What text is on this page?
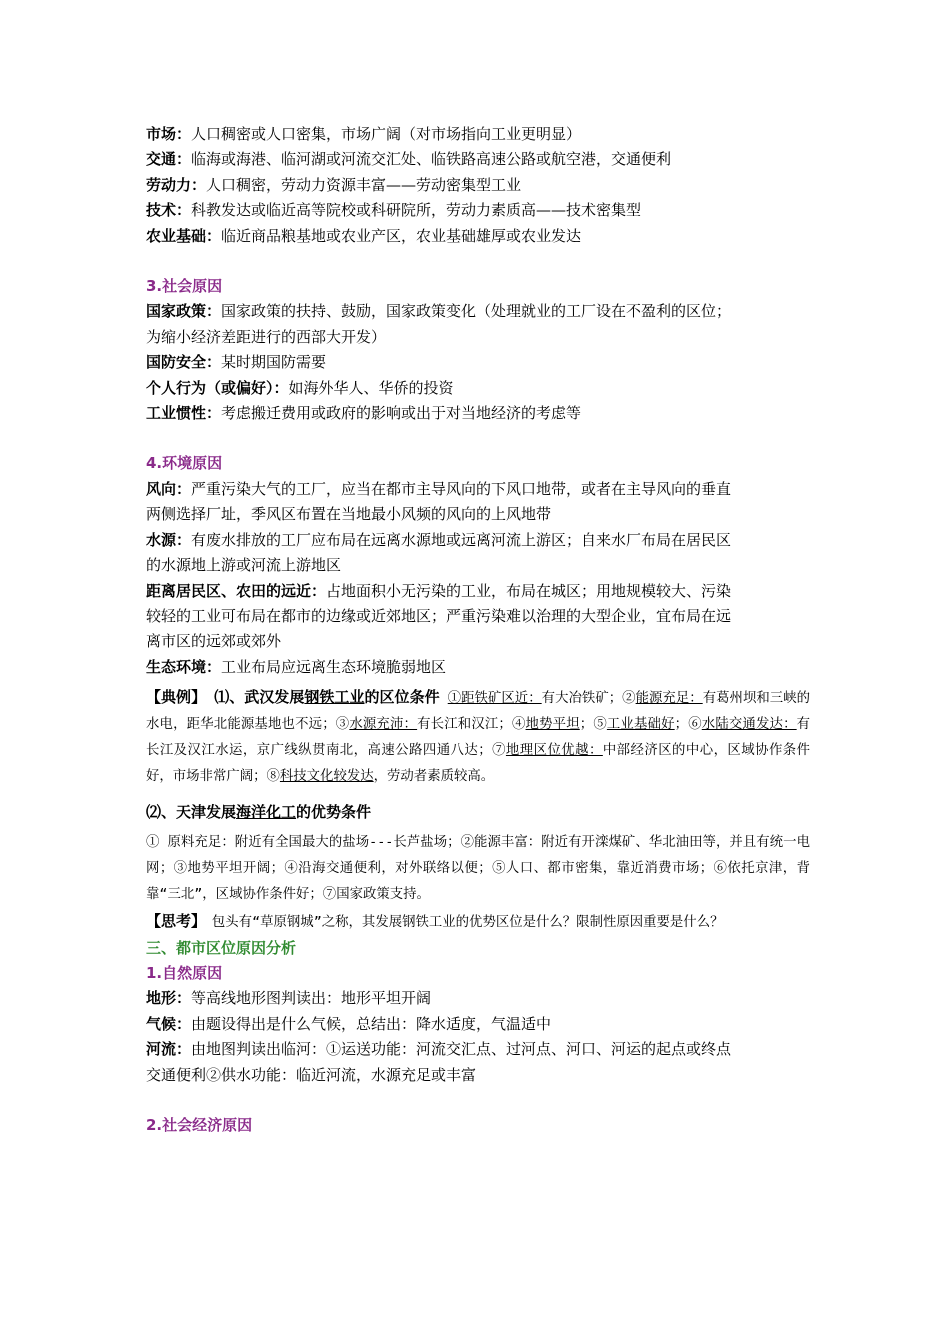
市场：人口稠密或人口密集，市场广阔（对市场指向工业更明显）
交通：临海或海港、临河湖或河流交汇处、临铁路高速公路或航空港，交通便利
劳动力：人口稠密，劳动力资源丰富——劳动密集型工业
技术：科教发达或临近高等院校或科研院所，劳动力素质高——技术密集型
农业基础：临近商品粮基地或农业产区，农业基础雄厚或农业发达
3.社会原因
国家政策：国家政策的扶持、鼓励，国家政策变化（处理就业的工厂设在不盈利的区位；
为缩小经济差距进行的西部大开发）
国防安全：某时期国防需要
个人行为（或偏好）：如海外华人、华侨的投资
工业惯性：考虑搬迁费用或政府的影响或出于对当地经济的考虑等
4.环境原因
风向：严重污染大气的工厂，应当在都市主导风向的下风口地带，或者在主导风向的垂直
两侧选择厂址，季风区布置在当地最小风频的风向的上风地带
水源：有废水排放的工厂应布局在远离水源地或远离河流上游区；自来水厂布局在居民区
的水源地上游或河流上游地区
距离居民区、农田的远近：占地面积小无污染的工业，布局在城区；用地规模较大、污染
较轻的工业可布局在都市的边缘或近郊地区；严重污染难以治理的大型企业，宜布局在远
离市区的远郊或郊外
生态环境：工业布局应远离生态环境脆弱地区
【典例】 ⑴、武汉发展钢铁工业的区位条件 ①距铁矿区近：有大冶铁矿；②能源充足：有葛州坝和三峡的水电，距华北能源基地也不远；③水源充沛：有长江和汉江；④地势平坦；⑤工业基础好；⑥水陆交通发达：有长江及汉江水运，京广线纵贯南北，高速公路四通八达；⑦地理区位优越：中部经济区的中心，区域协作条件好，市场非常广阔；⑧科技文化较发达，劳动者素质较高。
⑵、天津发展海洋化工的优势条件
① 原料充足：附近有全国最大的盐场---长芦盐场；②能源丰富：附近有开滦煤矿、华北油田等，并且有统一电网；③地势平坦开阔；④沿海交通便利，对外联络以便；⑤人口、都市密集，靠近消费市场；⑥依托京津，背靠“三北”，区域协作条件好；⑦国家政策支持。
【思考】　包头有“草原钢城”之称，其发展钢铁工业的优势区位是什么？限制性原因重要是什么？
三、都市区位原因分析
1.自然原因
地形：等高线地形图判读出：地形平坦开阔
气候：由题设得出是什么气候，总结出：降水适度，气温适中
河流：由地图判读出临河：①运送功能：河流交汇点、过河点、河口、河运的起点或终点
交通便利②供水功能：临近河流，水源充足或丰富
2.社会经济原因
